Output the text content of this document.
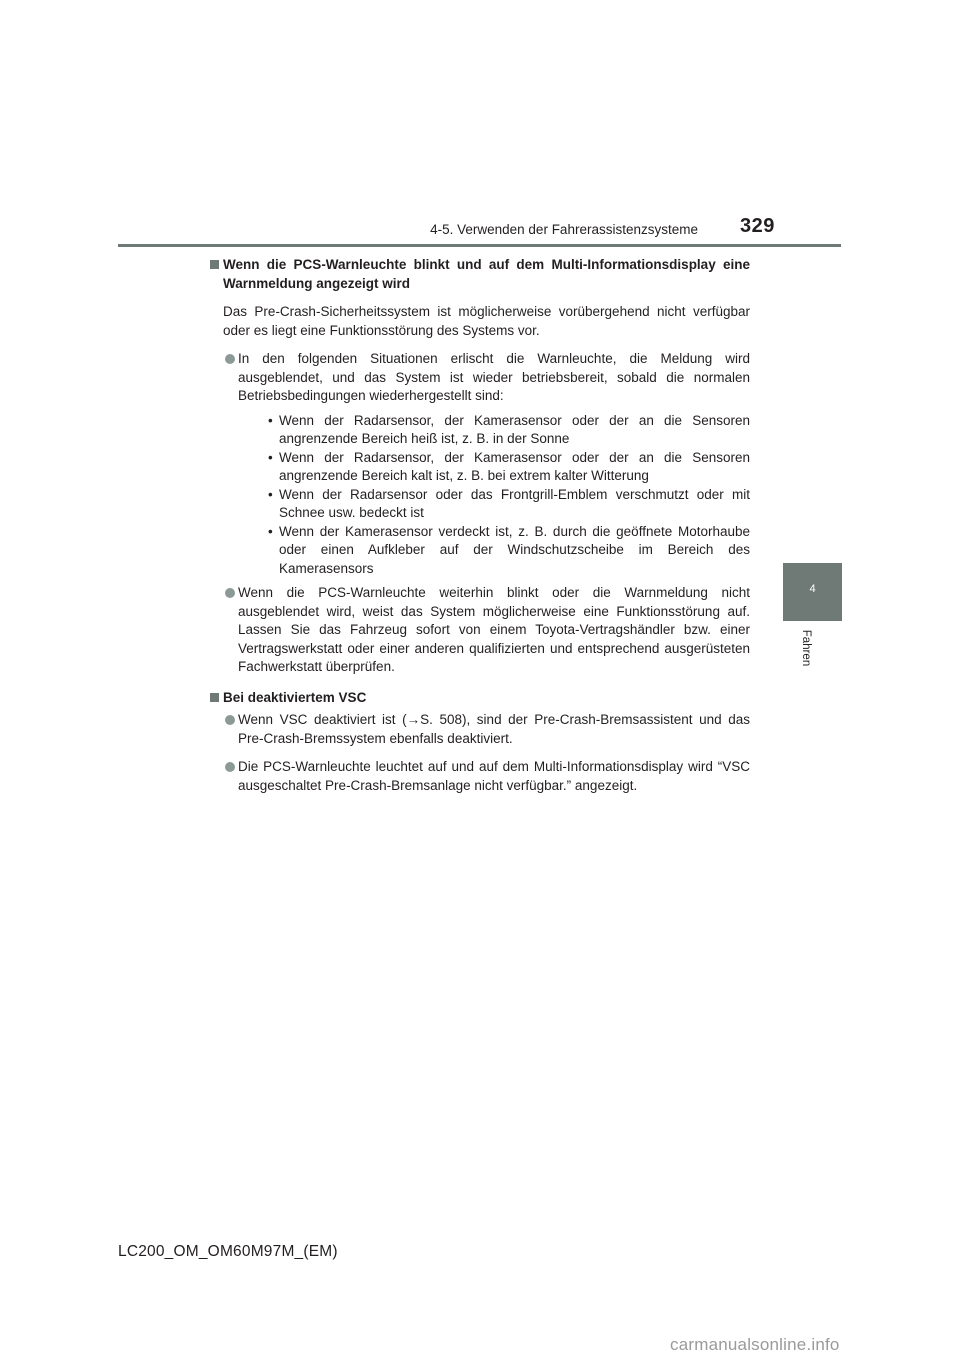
4-5. Verwenden der Fahrerassistenzsysteme 329
4
Fahren
Wenn die PCS-Warnleuchte blinkt und auf dem Multi-Informationsdisplay eine Warnmeldung angezeigt wird
Das Pre-Crash-Sicherheitssystem ist möglicherweise vorübergehend nicht verfügbar oder es liegt eine Funktionsstörung des Systems vor.
In den folgenden Situationen erlischt die Warnleuchte, die Meldung wird ausgeblendet, und das System ist wieder betriebsbereit, sobald die normalen Betriebsbedingungen wiederhergestellt sind:
• Wenn der Radarsensor, der Kamerasensor oder der an die Sensoren angrenzende Bereich heiß ist, z. B. in der Sonne
• Wenn der Radarsensor, der Kamerasensor oder der an die Sensoren angrenzende Bereich kalt ist, z. B. bei extrem kalter Witterung
• Wenn der Radarsensor oder das Frontgrill-Emblem verschmutzt oder mit Schnee usw. bedeckt ist
• Wenn der Kamerasensor verdeckt ist, z. B. durch die geöffnete Motorhaube oder einen Aufkleber auf der Windschutzscheibe im Bereich des Kamerasensors
Wenn die PCS-Warnleuchte weiterhin blinkt oder die Warnmeldung nicht ausgeblendet wird, weist das System möglicherweise eine Funktionsstörung auf. Lassen Sie das Fahrzeug sofort von einem Toyota-Vertragshändler bzw. einer Vertragswerkstatt oder einer anderen qualifizierten und entsprechend ausgerüsteten Fachwerkstatt überprüfen.
Bei deaktiviertem VSC
Wenn VSC deaktiviert ist (→S. 508), sind der Pre-Crash-Bremsassistent und das Pre-Crash-Bremssystem ebenfalls deaktiviert.
Die PCS-Warnleuchte leuchtet auf und auf dem Multi-Informationsdisplay wird “VSC ausgeschaltet Pre-Crash-Bremsanlage nicht verfügbar.” angezeigt.
LC200_OM_OM60M97M_(EM)
carmanualsonline.info
